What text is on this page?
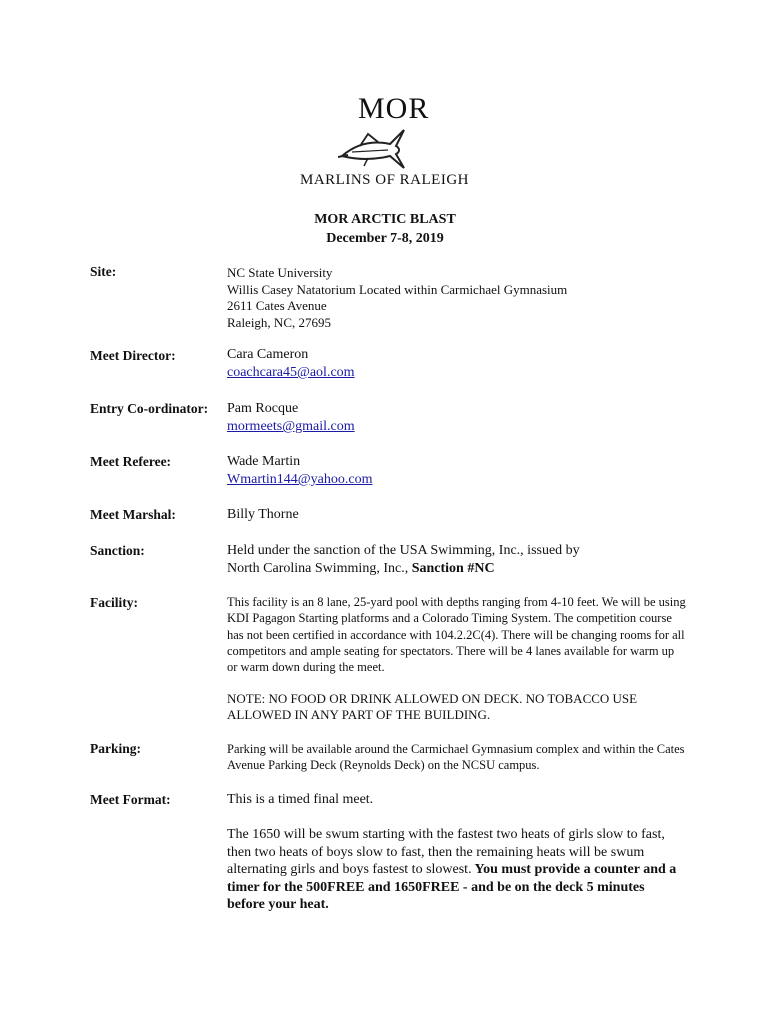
MOR
MARLINS OF RALEIGH
MOR ARCTIC BLAST
December 7-8, 2019
Site:	NC State University
Willis Casey Natatorium Located within Carmichael Gymnasium
2611 Cates Avenue
Raleigh, NC, 27695
Meet Director:	Cara Cameron
coachcara45@aol.com
Entry Co-ordinator: Pam Rocque
mormeets@gmail.com
Meet Referee:	Wade Martin
Wmartin144@yahoo.com
Meet Marshal:	Billy Thorne
Sanction:	Held under the sanction of the USA Swimming, Inc., issued by
North Carolina Swimming, Inc., Sanction #NC
Facility:	This facility is an 8 lane, 25-yard pool with depths ranging from 4-10 feet. We will be using KDI Pagagon Starting platforms and a Colorado Timing System. The competition course has not been certified in accordance with 104.2.2C(4). There will be changing rooms for all competitors and ample seating for spectators. There will be 4 lanes available for warm up or warm down during the meet.
NOTE: NO FOOD OR DRINK ALLOWED ON DECK. NO TOBACCO USE ALLOWED IN ANY PART OF THE BUILDING.
Parking:	Parking will be available around the Carmichael Gymnasium complex and within the Cates Avenue Parking Deck (Reynolds Deck) on the NCSU campus.
Meet Format:	This is a timed final meet.
The 1650 will be swum starting with the fastest two heats of girls slow to fast, then two heats of boys slow to fast, then the remaining heats will be swum alternating girls and boys fastest to slowest. You must provide a counter and a timer for the 500FREE and 1650FREE - and be on the deck 5 minutes before your heat.
